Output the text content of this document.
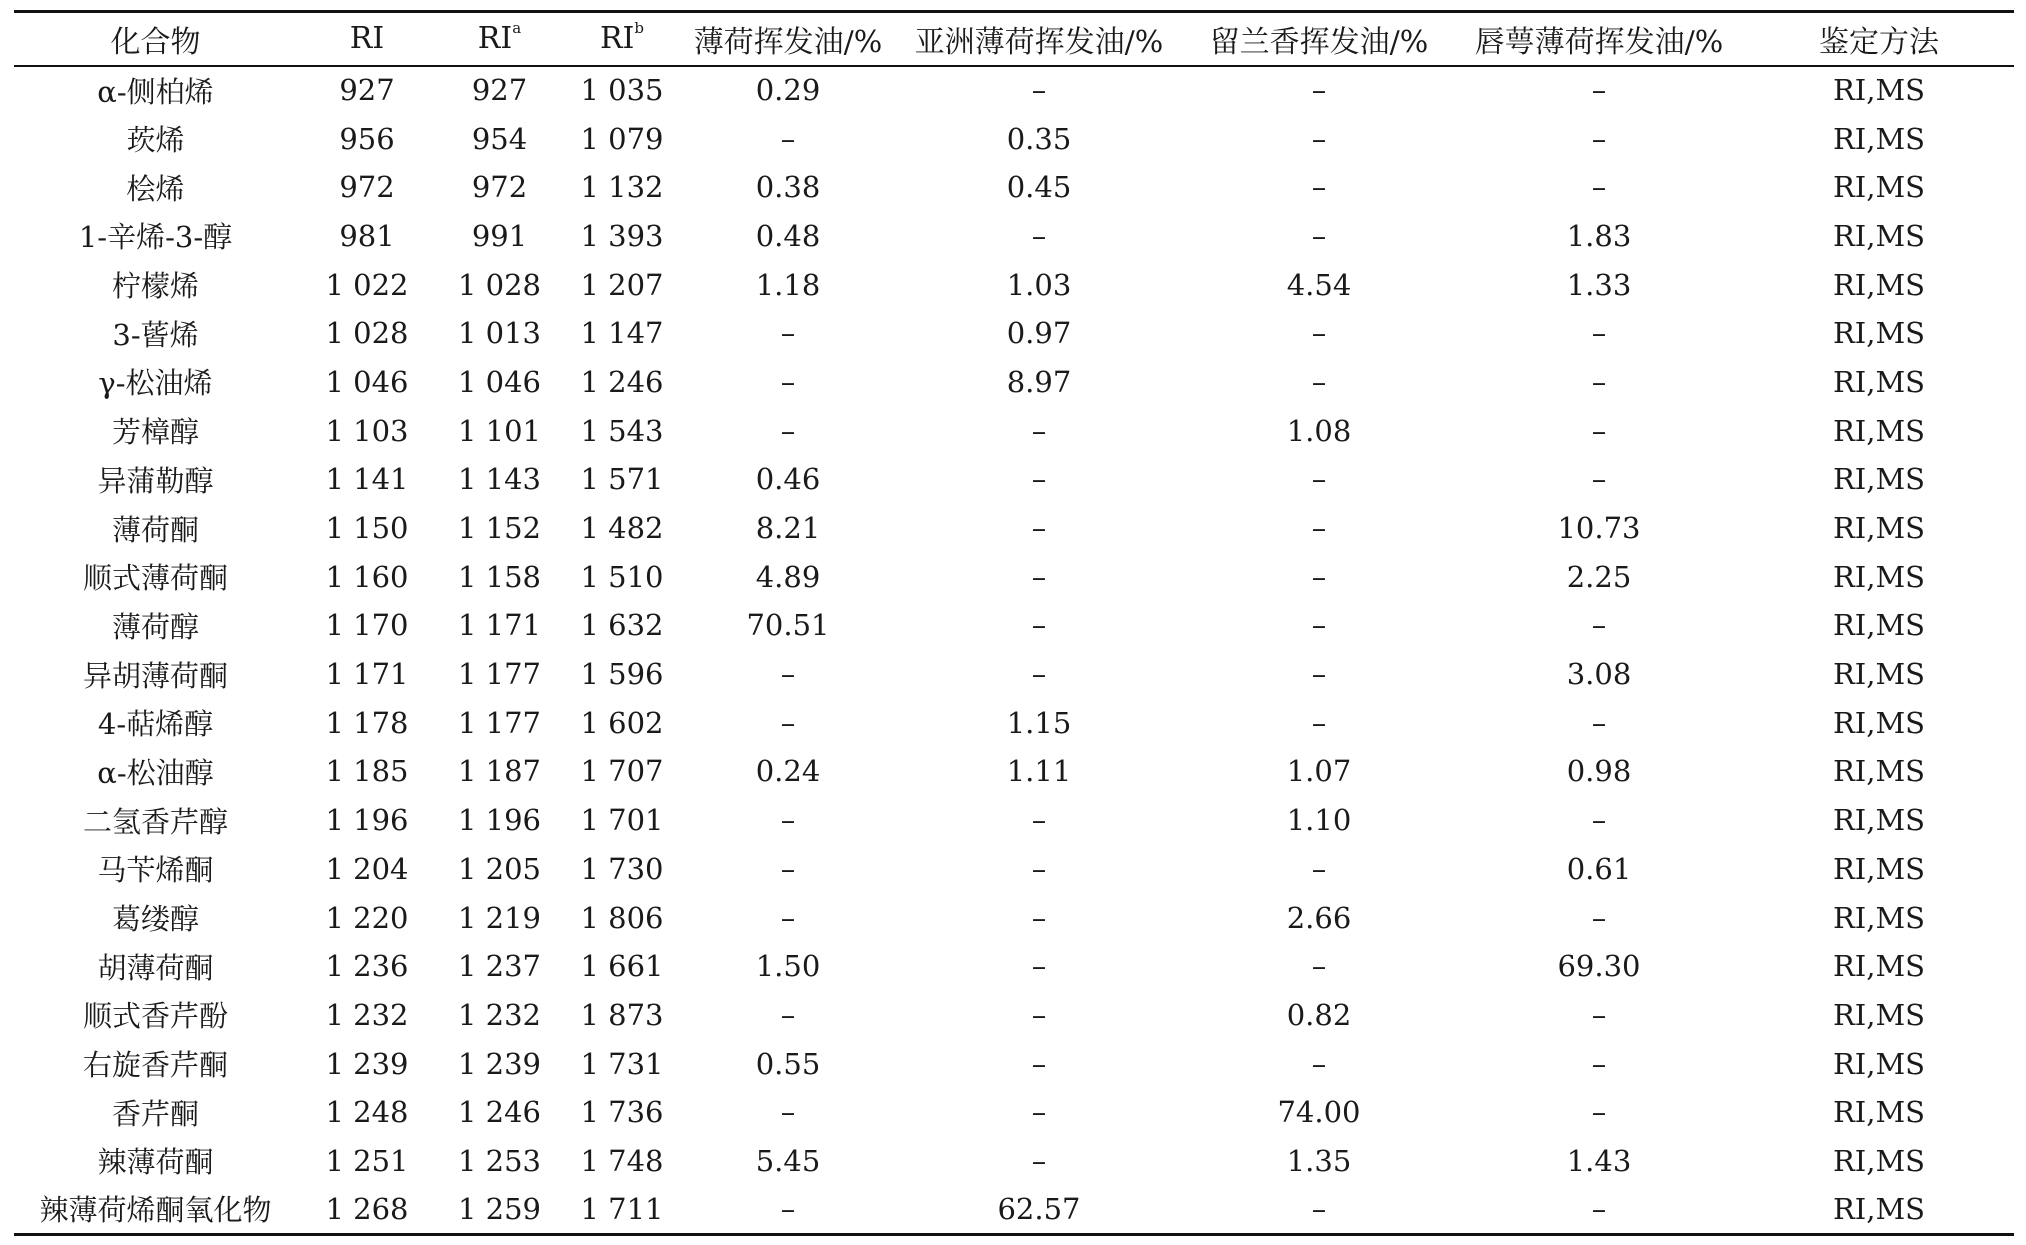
化合物	RI	$RI^a$	$RI^b$	薄荷挥发油/%	亚洲薄荷挥发油/%	留兰香挥发油/%	唇萼薄荷挥发油/%	鉴定方法
α-侧柏烯	927	927	1 035	0.29	–	–	–	RI,MS
莰烯	956	954	1 079	–	0.35	–	–	RI,MS
桧烯	972	972	1 132	0.38	0.45	–	–	RI,MS
1-辛烯-3-醇	981	991	1 393	0.48	–	–	1.83	RI,MS
柠檬烯	1 022	1 028	1 207	1.18	1.03	4.54	1.33	RI,MS
3-蒈烯	1 028	1 013	1 147	–	0.97	–	–	RI,MS
γ-松油烯	1 046	1 046	1 246	–	8.97	–	–	RI,MS
芳樟醇	1 103	1 101	1 543	–	–	1.08	–	RI,MS
异蒲勒醇	1 141	1 143	1 571	0.46	–	–	–	RI,MS
薄荷酮	1 150	1 152	1 482	8.21	–	–	10.73	RI,MS
顺式薄荷酮	1 160	1 158	1 510	4.89	–	–	2.25	RI,MS
薄荷醇	1 170	1 171	1 632	70.51	–	–	–	RI,MS
异胡薄荷酮	1 171	1 177	1 596	–	–	–	3.08	RI,MS
4-萜烯醇	1 178	1 177	1 602	–	1.15	–	–	RI,MS
α-松油醇	1 185	1 187	1 707	0.24	1.11	1.07	0.98	RI,MS
二氢香芹醇	1 196	1 196	1 701	–	–	1.10	–	RI,MS
马苄烯酮	1 204	1 205	1 730	–	–	–	0.61	RI,MS
葛缕醇	1 220	1 219	1 806	–	–	2.66	–	RI,MS
胡薄荷酮	1 236	1 237	1 661	1.50	–	–	69.30	RI,MS
顺式香芹酚	1 232	1 232	1 873	–	–	0.82	–	RI,MS
右旋香芹酮	1 239	1 239	1 731	0.55	–	–	–	RI,MS
香芹酮	1 248	1 246	1 736	–	–	74.00	–	RI,MS
辣薄荷酮	1 251	1 253	1 748	5.45	–	1.35	1.43	RI,MS
辣薄荷烯酮氧化物	1 268	1 259	1 711	–	62.57	–	–	RI,MS
